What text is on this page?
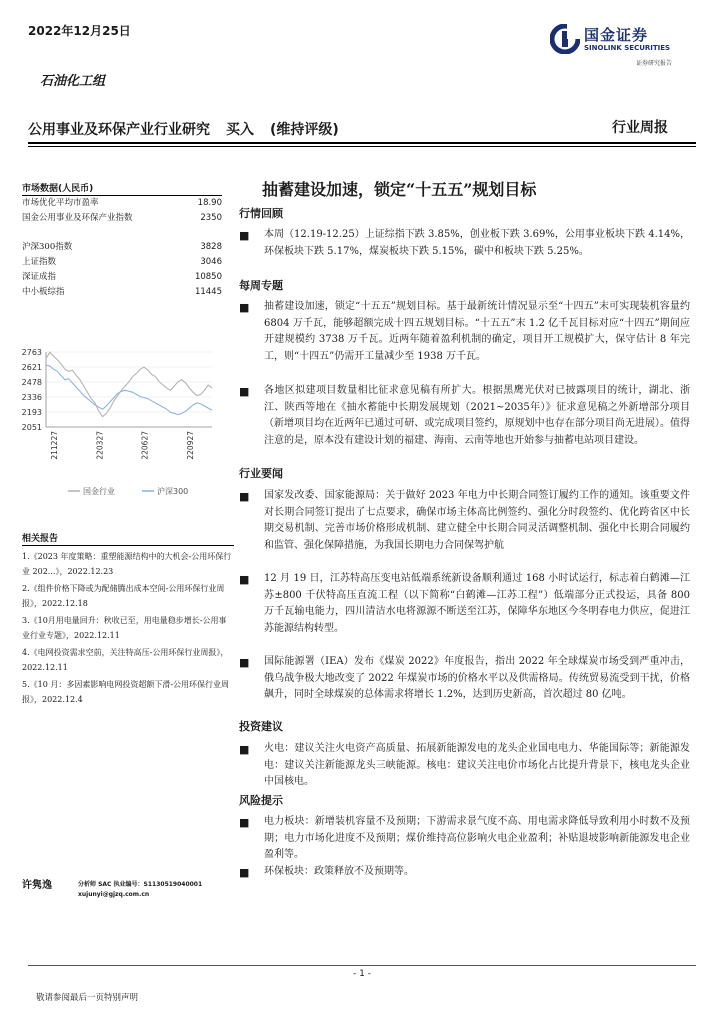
2022年12月25日	国金证券
SINOLINK SECURITIES
证券研究报告
石油化工组
公用事业及环保产业行业研究 买入 (维持评级)	行业周报
抽蓄建设加速，锁定“十五五”规划目标
市场数据(人民币)
市场优化平均市盈率	18.90
国金公用事业及环保产业指数	2350
沪深300指数	3828
上证指数	3046
深证成指	10850
中小板综指	11445
2763
2621
2478
2336
2193
2051
211227	220327	220627	220927
国金行业	沪深300
相关报告
1.《2023 年度策略：重塑能源结构中的大机会-公用环保行业 202...》，2022.12.23
2.《组件价格下降或为配储腾出成本空间-公用环保行业周报》，2022.12.18
3.《10月用电量回升：秋收已至，用电量稳步增长-公用事业行业专题》，2022.12.11
4.《电网投资需求空前，关注特高压-公用环保行业周报》，2022.12.11
5.《10 月：多因素影响电网投资超额下滑-公用环保行业周报》，2022.12.4
许隽逸	分析师 SAC 执业编号：S1130519040001
xujunyi@gjzq.com.cn
行情回顾
■ 本周（12.19-12.25）上证综指下跌 3.85%，创业板下跌 3.69%，公用事业板块下跌 4.14%，环保板块下跌 5.17%，煤炭板块下跌 5.15%，碳中和板块下跌 5.25%。
每周专题
■ 抽蓄建设加速，锁定“十五五”规划目标。基于最新统计情况显示至“十四五”末可实现装机容量约 6804 万千瓦，能够超额完成十四五规划目标。“十五五”末 1.2 亿千瓦目标对应“十四五”期间应开建规模约 3738 万千瓦。近两年随着盈利机制的确定，项目开工规模扩大，保守估计 8 年完工，则“十四五”仍需开工量减少至 1938 万千瓦。
■ 各地区拟建项目数量相比征求意见稿有所扩大。根据黑鹰光伏对已披露项目的统计，湖北、浙江、陕西等地在《抽水蓄能中长期发展规划（2021~2035年）》征求意见稿之外新增部分项目（新增项目均在近两年已通过可研、或完成项目签约，原规划中也存在部分项目尚无进展）。值得注意的是，原本没有建设计划的福建、海南、云南等地也开始参与抽蓄电站项目建设。
行业要闻
■ 国家发改委、国家能源局：关于做好 2023 年电力中长期合同签订履约工作的通知。该重要文件对长期合同签订提出了七点要求，确保市场主体高比例签约、强化分时段签约、优化跨省区中长期交易机制、完善市场价格形成机制、建立健全中长期合同灵活调整机制、强化中长期合同履约和监管、强化保障措施，为我国长期电力合同保驾护航
■ 12 月 19 日，江苏特高压变电站低端系统新设备顺利通过 168 小时试运行，标志着白鹤滩—江苏±800 千伏特高压直流工程（以下简称“白鹤滩—江苏工程”）低端部分正式投运，具备 800 万千瓦输电能力，四川清洁水电将源源不断送至江苏，保障华东地区今冬明春电力供应，促进江苏能源结构转型。
■ 国际能源署（IEA）发布《煤炭 2022》年度报告，指出 2022 年全球煤炭市场受到严重冲击，俄乌战争极大地改变了 2022 年煤炭市场的价格水平以及供需格局。传统贸易流受到干扰，价格飙升，同时全球煤炭的总体需求将增长 1.2%，达到历史新高，首次超过 80 亿吨。
投资建议
■ 火电：建议关注火电资产高质量、拓展新能源发电的龙头企业国电电力、华能国际等；新能源发电：建议关注新能源龙头三峡能源。核电：建议关注电价市场化占比提升背景下，核电龙头企业中国核电。
风险提示
■ 电力板块：新增装机容量不及预期；下游需求景气度不高、用电需求降低导致利用小时数不及预期；电力市场化进度不及预期；煤价维持高位影响火电企业盈利；补贴退坡影响新能源发电企业盈利等。
■ 环保板块：政策释放不及预期等。
- 1 -
敬请参阅最后一页特别声明
